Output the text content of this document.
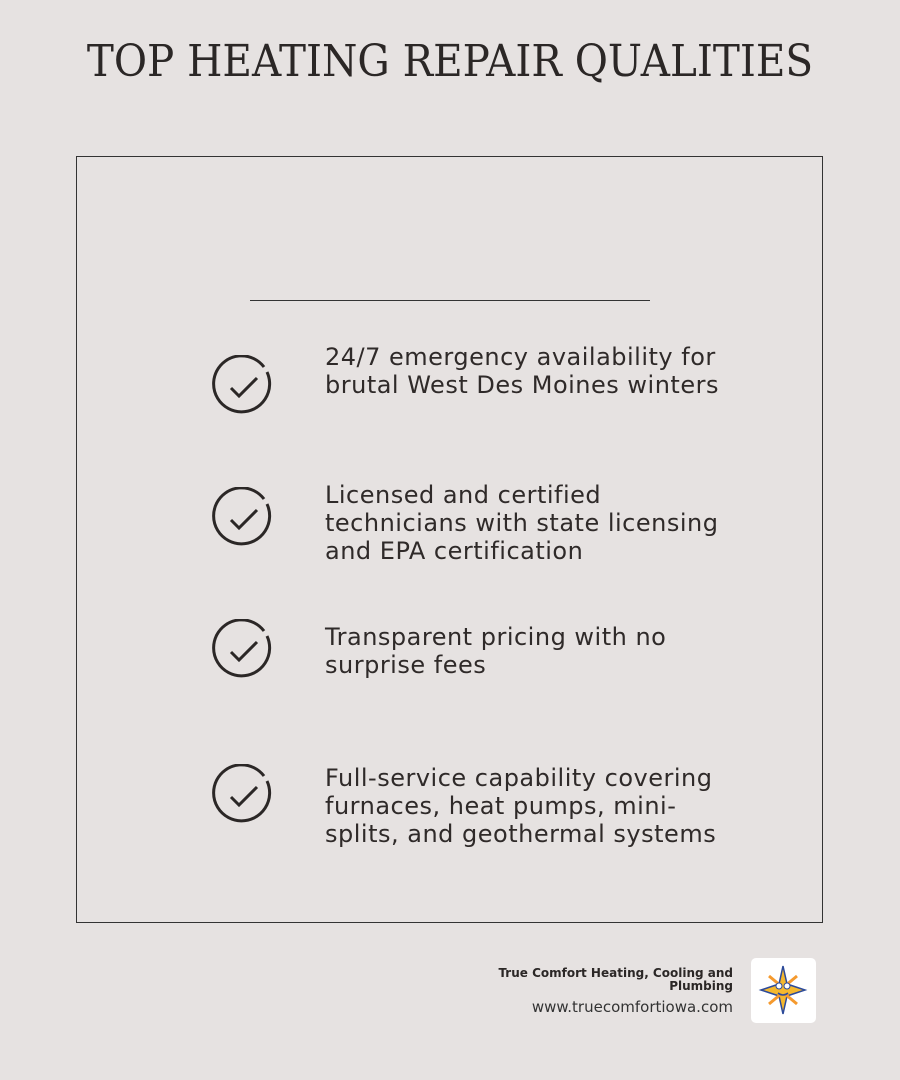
TOP HEATING REPAIR QUALITIES
24/7 emergency availability for brutal West Des Moines winters
Licensed and certified technicians with state licensing and EPA certification
Transparent pricing with no surprise fees
Full-service capability covering furnaces, heat pumps, mini-splits, and geothermal systems
True Comfort Heating, Cooling and Plumbing
www.truecomfortiowa.com
